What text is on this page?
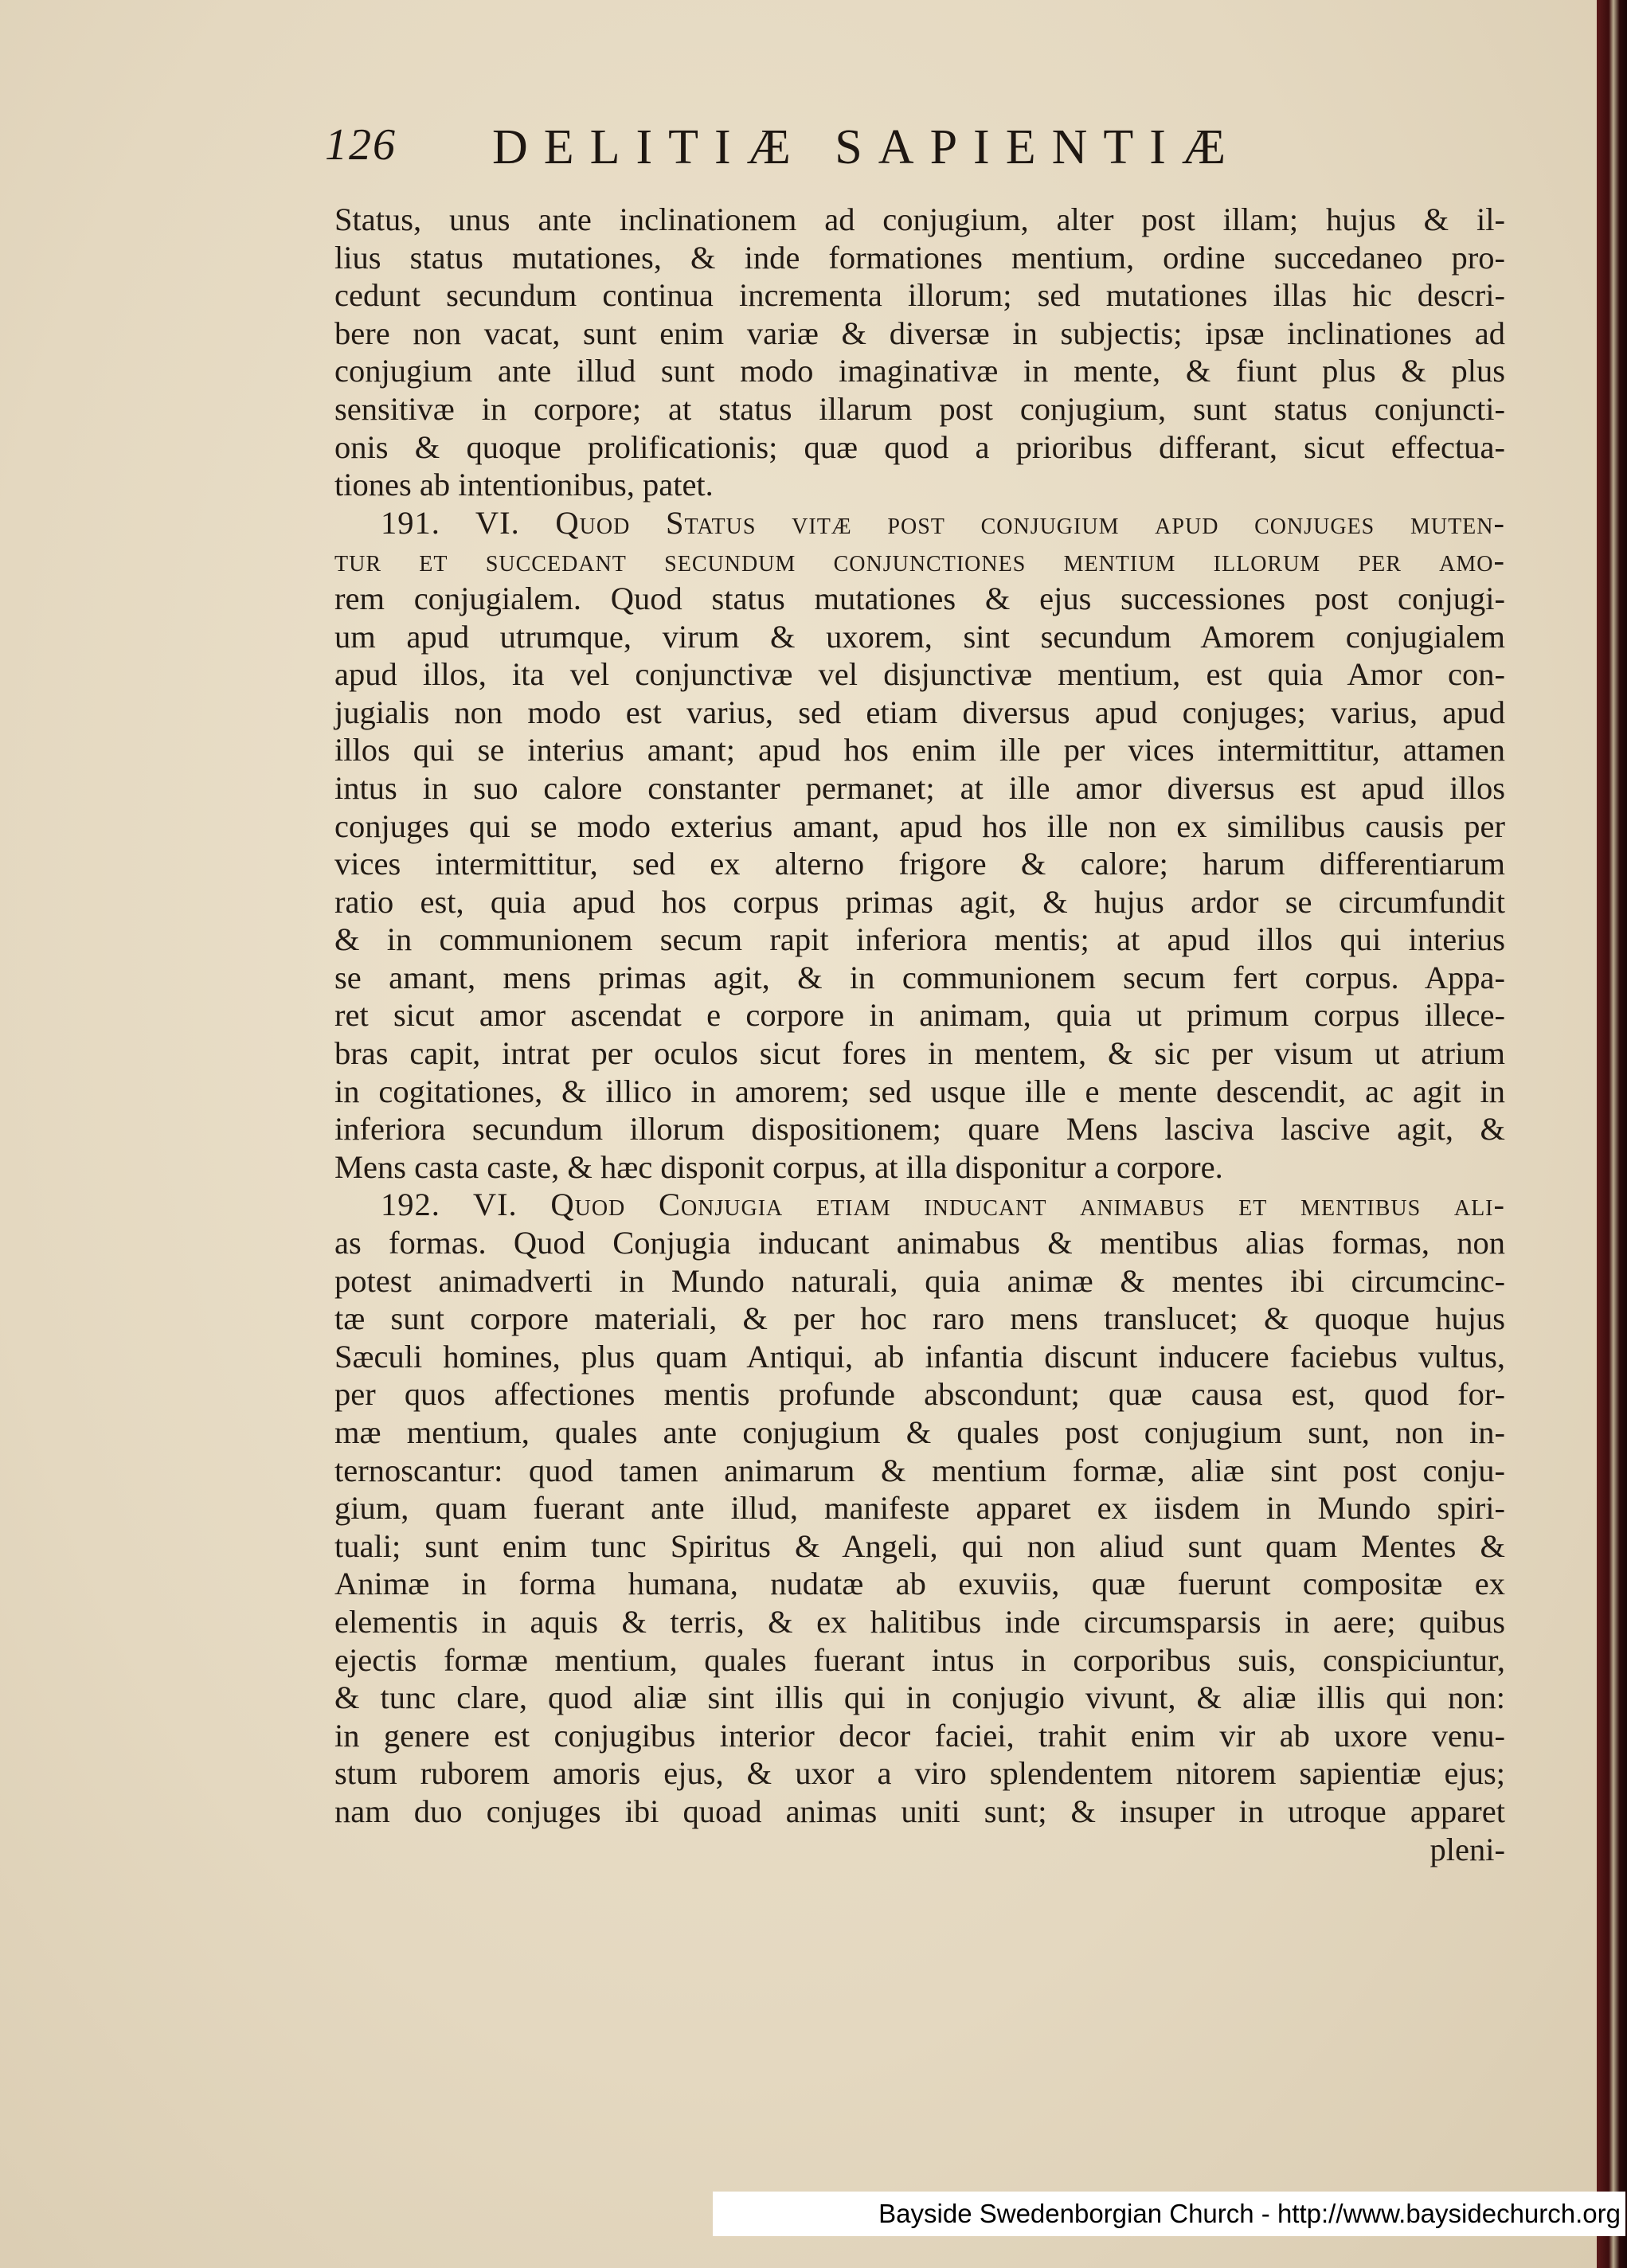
126 DELITIÆ SAPIENTIÆ
Status, unus ante inclinationem ad conjugium, alter post illam; hujus & il-
lius status mutationes, & inde formationes mentium, ordine succedaneo pro-
cedunt secundum continua incrementa illorum; sed mutationes illas hic descri-
bere non vacat, sunt enim variæ & diversæ in subjectis; ipsæ inclinationes ad
conjugium ante illud sunt modo imaginativæ in mente, & fiunt plus & plus
sensitivæ in corpore; at status illarum post conjugium, sunt status conjuncti-
onis & quoque prolificationis; quæ quod a prioribus differant, sicut effectua-
tiones ab intentionibus, patet.
191. VI. Quod Status vitæ post conjugium apud conjuges muten-
tur et succedant secundum conjunctiones mentium illorum per amo-
rem conjugialem. Quod status mutationes & ejus successiones post conjugi-
um apud utrumque, virum & uxorem, sint secundum Amorem conjugialem
apud illos, ita vel conjunctivæ vel disjunctivæ mentium, est quia Amor con-
jugialis non modo est varius, sed etiam diversus apud conjuges; varius, apud
illos qui se interius amant; apud hos enim ille per vices intermittitur, attamen
intus in suo calore constanter permanet; at ille amor diversus est apud illos
conjuges qui se modo exterius amant, apud hos ille non ex similibus causis per
vices intermittitur, sed ex alterno frigore & calore; harum differentiarum
ratio est, quia apud hos corpus primas agit, & hujus ardor se circumfundit
& in communionem secum rapit inferiora mentis; at apud illos qui interius
se amant, mens primas agit, & in communionem secum fert corpus. Appa-
ret sicut amor ascendat e corpore in animam, quia ut primum corpus illece-
bras capit, intrat per oculos sicut fores in mentem, & sic per visum ut atrium
in cogitationes, & illico in amorem; sed usque ille e mente descendit, ac agit in
inferiora secundum illorum dispositionem; quare Mens lasciva lascive agit, &
Mens casta caste, & hæc disponit corpus, at illa disponitur a corpore.
192. VI. Quod Conjugia etiam inducant animabus et mentibus ali-
as formas. Quod Conjugia inducant animabus & mentibus alias formas, non
potest animadverti in Mundo naturali, quia animæ & mentes ibi circumcinc-
tæ sunt corpore materiali, & per hoc raro mens translucet; & quoque hujus
Sæculi homines, plus quam Antiqui, ab infantia discunt inducere faciebus vultus,
per quos affectiones mentis profunde abscondunt; quæ causa est, quod for-
mæ mentium, quales ante conjugium & quales post conjugium sunt, non in-
ternoscantur: quod tamen animarum & mentium formæ, aliæ sint post conju-
gium, quam fuerant ante illud, manifeste apparet ex iisdem in Mundo spiri-
tuali; sunt enim tunc Spiritus & Angeli, qui non aliud sunt quam Mentes &
Animæ in forma humana, nudatæ ab exuviis, quæ fuerunt compositæ ex
elementis in aquis & terris, & ex halitibus inde circumsparsis in aere; quibus
ejectis formæ mentium, quales fuerant intus in corporibus suis, conspiciuntur,
& tunc clare, quod aliæ sint illis qui in conjugio vivunt, & aliæ illis qui non:
in genere est conjugibus interior decor faciei, trahit enim vir ab uxore venu-
stum ruborem amoris ejus, & uxor a viro splendentem nitorem sapientiæ ejus;
nam duo conjuges ibi quoad animas uniti sunt; & insuper in utroque apparet
pleni-
Bayside Swedenborgian Church - http://www.baysidechurch.org
